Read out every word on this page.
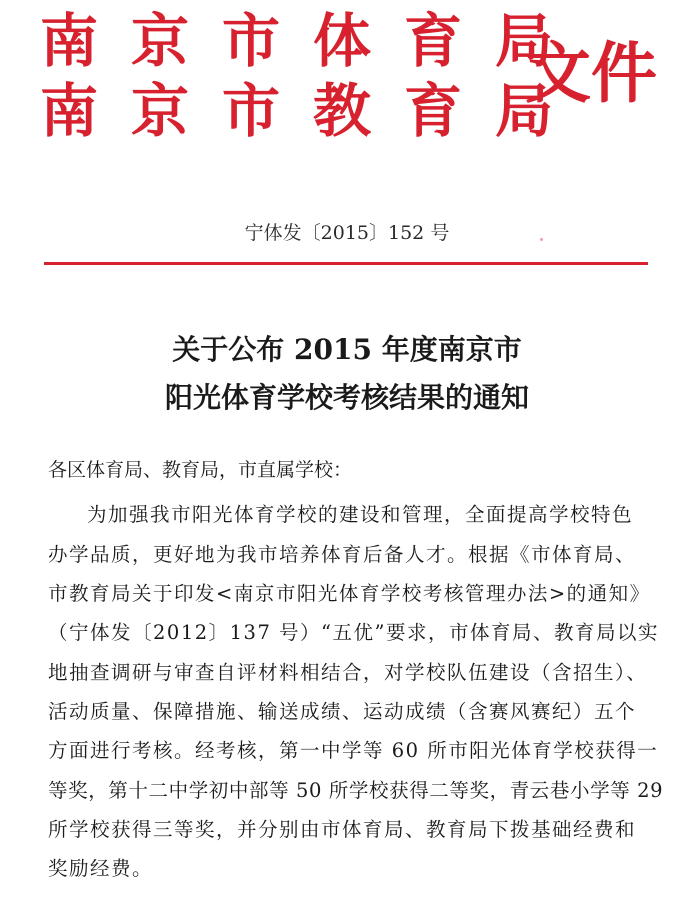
南京市体育局
南京市教育局
文件
宁体发〔2015〕152 号
关于公布 2015 年度南京市
阳光体育学校考核结果的通知
各区体育局、教育局，市直属学校：
为加强我市阳光体育学校的建设和管理，全面提高学校特色
办学品质，更好地为我市培养体育后备人才。根据《市体育局、
市教育局关于印发<南京市阳光体育学校考核管理办法>的通知》
（宁体发〔2012〕137 号）“五优”要求，市体育局、教育局以实
地抽查调研与审查自评材料相结合，对学校队伍建设（含招生）、
活动质量、保障措施、输送成绩、运动成绩（含赛风赛纪）五个
方面进行考核。经考核，第一中学等 60 所市阳光体育学校获得一
等奖，第十二中学初中部等 50 所学校获得二等奖，青云巷小学等 29
所学校获得三等奖，并分别由市体育局、教育局下拨基础经费和
奖励经费。
